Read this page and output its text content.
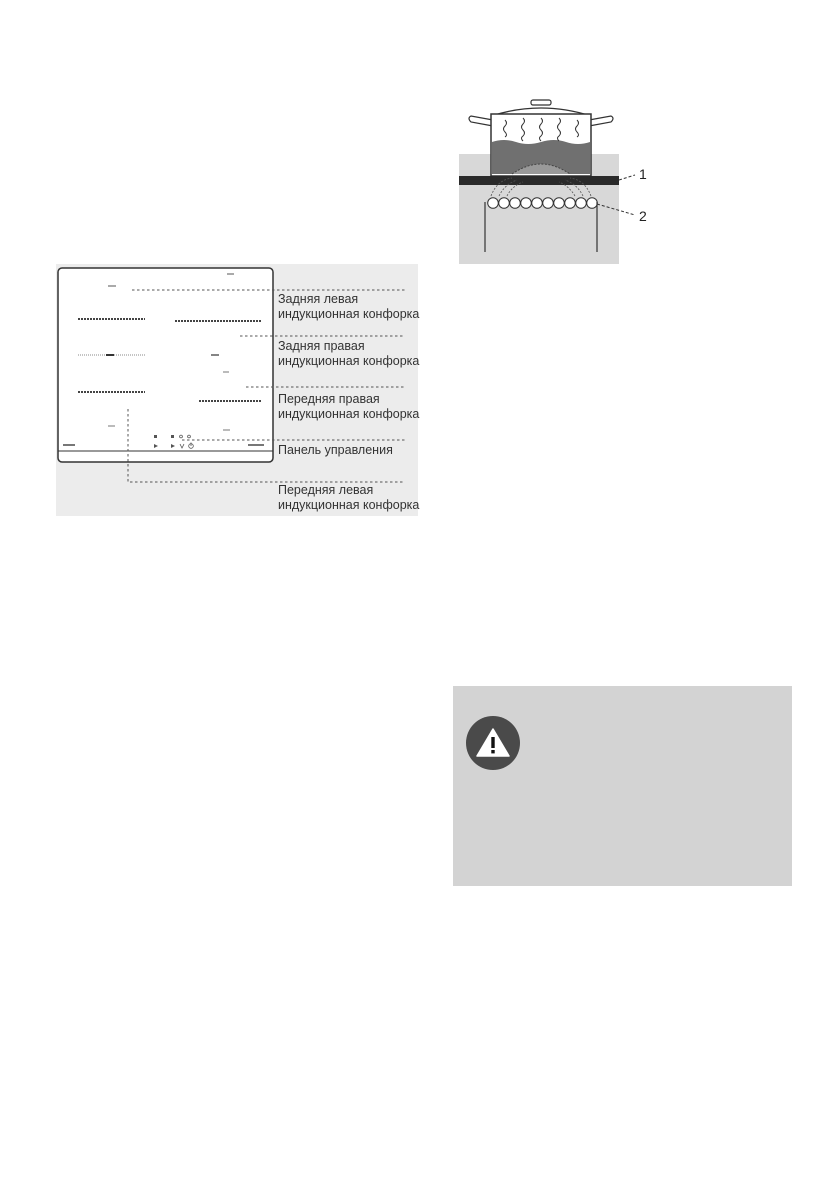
Задняя левая
индукционная конфорка
Задняя правая
индукционная конфорка
Передняя правая
индукционная конфорка
Панель управления
Передняя левая
индукционная конфорка
1
2
